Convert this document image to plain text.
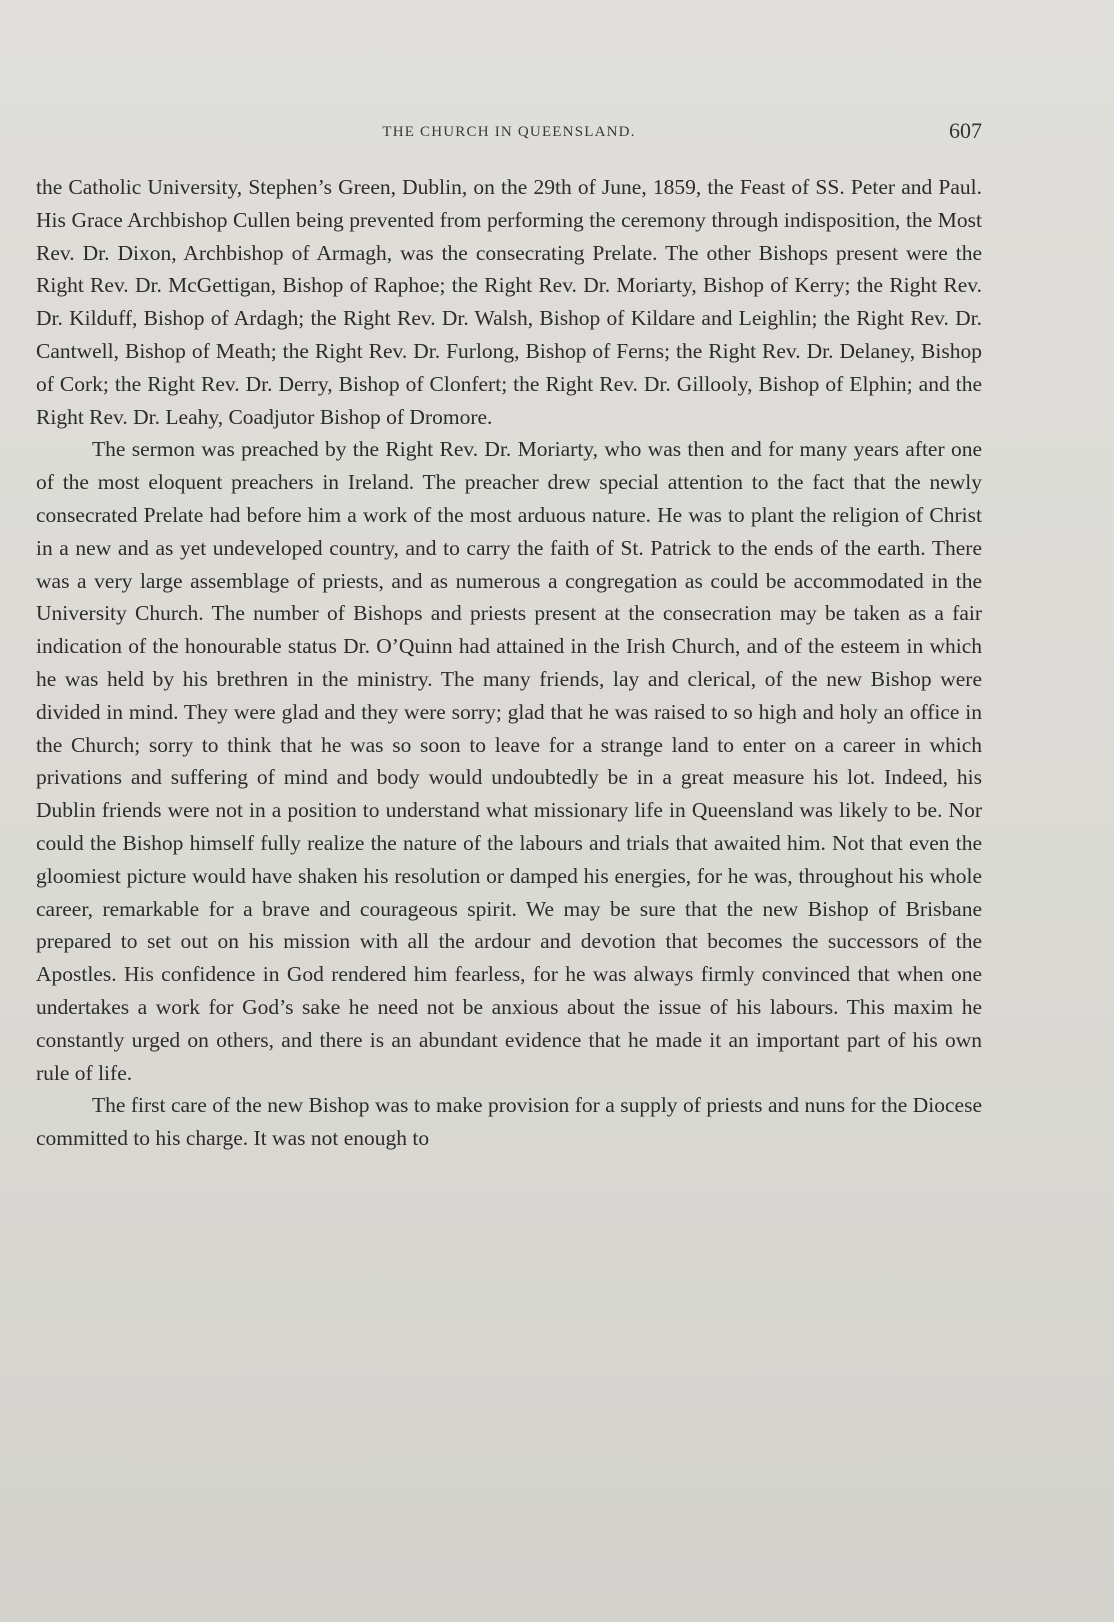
THE CHURCH IN QUEENSLAND.	607

the Catholic University, Stephen’s Green, Dublin, on the 29th of June, 1859, the Feast of SS. Peter and Paul. His Grace Archbishop Cullen being prevented from performing the ceremony through indisposition, the Most Rev. Dr. Dixon, Archbishop of Armagh, was the consecrating Prelate. The other Bishops present were the Right Rev. Dr. McGettigan, Bishop of Raphoe; the Right Rev. Dr. Moriarty, Bishop of Kerry; the Right Rev. Dr. Kilduff, Bishop of Ardagh; the Right Rev. Dr. Walsh, Bishop of Kildare and Leighlin; the Right Rev. Dr. Cantwell, Bishop of Meath; the Right Rev. Dr. Furlong, Bishop of Ferns; the Right Rev. Dr. Delaney, Bishop of Cork; the Right Rev. Dr. Derry, Bishop of Clonfert; the Right Rev. Dr. Gillooly, Bishop of Elphin; and the Right Rev. Dr. Leahy, Coadjutor Bishop of Dromore.

The sermon was preached by the Right Rev. Dr. Moriarty, who was then and for many years after one of the most eloquent preachers in Ireland. The preacher drew special attention to the fact that the newly consecrated Prelate had before him a work of the most arduous nature. He was to plant the religion of Christ in a new and as yet undeveloped country, and to carry the faith of St. Patrick to the ends of the earth. There was a very large assemblage of priests, and as numerous a congregation as could be accommodated in the University Church. The number of Bishops and priests present at the consecration may be taken as a fair indication of the honourable status Dr. O’Quinn had attained in the Irish Church, and of the esteem in which he was held by his brethren in the ministry. The many friends, lay and clerical, of the new Bishop were divided in mind. They were glad and they were sorry; glad that he was raised to so high and holy an office in the Church; sorry to think that he was so soon to leave for a strange land to enter on a career in which privations and suffering of mind and body would undoubtedly be in a great measure his lot. Indeed, his Dublin friends were not in a position to understand what missionary life in Queensland was likely to be. Nor could the Bishop himself fully realize the nature of the labours and trials that awaited him. Not that even the gloomiest picture would have shaken his resolution or damped his energies, for he was, throughout his whole career, remarkable for a brave and courageous spirit. We may be sure that the new Bishop of Brisbane prepared to set out on his mission with all the ardour and devotion that becomes the successors of the Apostles. His confidence in God rendered him fearless, for he was always firmly convinced that when one undertakes a work for God’s sake he need not be anxious about the issue of his labours. This maxim he constantly urged on others, and there is an abundant evidence that he made it an important part of his own rule of life.

The first care of the new Bishop was to make provision for a supply of priests and nuns for the Diocese committed to his charge. It was not enough to
